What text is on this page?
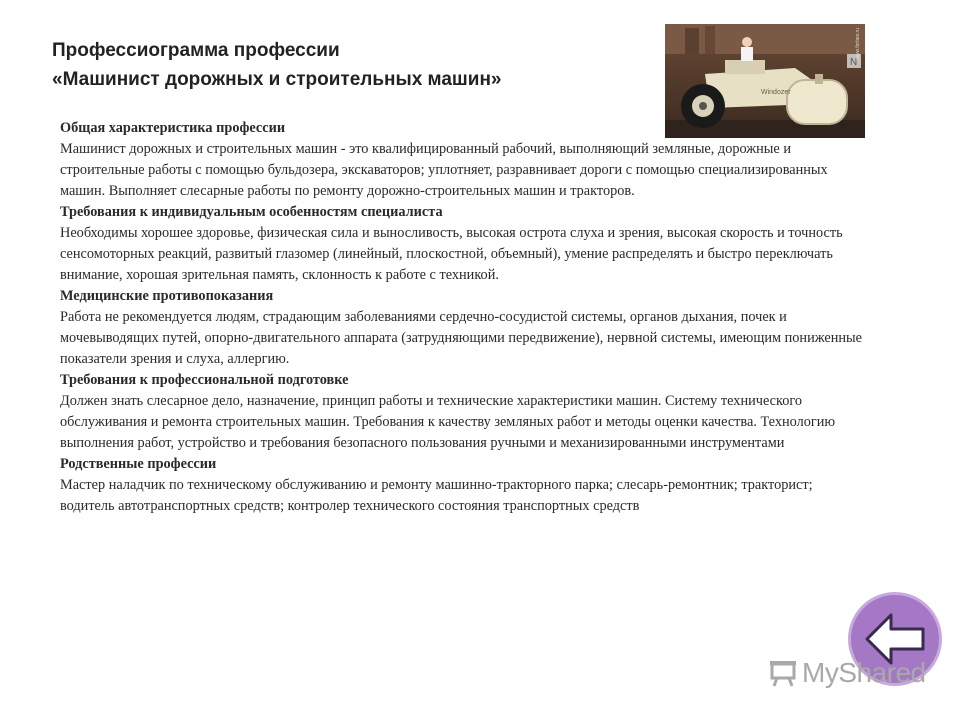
Профессиограмма профессии
«Машинист дорожных и строительных машин»
Windozer
N
www.forbes.ru

Общая характеристика профессии

Машинист дорожных и строительных машин - это квалифицированный рабочий, выполняющий земляные, дорожные и строительные работы с помощью бульдозера, экскаваторов; уплотняет, разравнивает дороги с помощью специализированных машин. Выполняет слесарные работы по ремонту дорожно-строительных машин и тракторов.

Требования к индивидуальным особенностям специалиста

Необходимы хорошее здоровье, физическая сила и выносливость, высокая острота слуха и зрения, высокая скорость и точность сенсомоторных реакций, развитый глазомер (линейный, плоскостной, объемный), умение распределять и быстро переключать внимание, хорошая зрительная память, склонность к работе с техникой.

Медицинские противопоказания

Работа не рекомендуется людям, страдающим заболеваниями сердечно-сосудистой системы, органов дыхания, почек и мочевыводящих путей, опорно-двигательного аппарата (затрудняющими передвижение), нервной системы, имеющим пониженные показатели зрения и слуха, аллергию.

Требования к профессиональной подготовке

Должен знать слесарное дело, назначение, принцип работы и технические характеристики машин. Систему технического обслуживания и ремонта строительных машин. Требования к качеству земляных работ и методы оценки качества. Технологию выполнения работ, устройство и требования безопасного пользования ручными и механизированными инструментами

Родственные профессии

Мастер наладчик по техническому обслуживанию и ремонту машинно-тракторного парка; слесарь-ремонтник; тракторист; водитель автотранспортных средств; контролер технического состояния транспортных средств

MyShared
